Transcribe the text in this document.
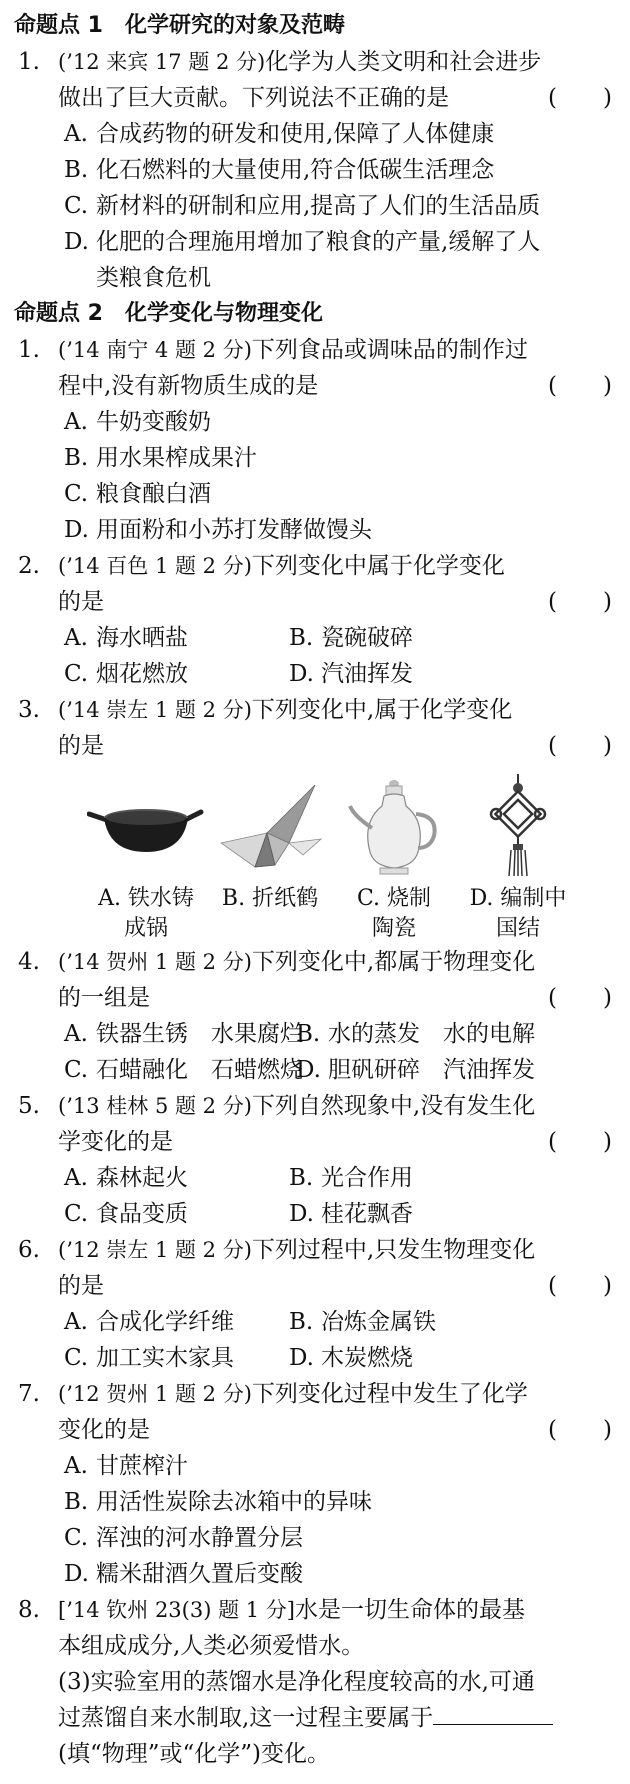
命题点 1 化学研究的对象及范畴
1. (’12 来宾 17 题 2 分)化学为人类文明和社会进步
做出了巨大贡献。下列说法不正确的是	(　　)
A. 合成药物的研发和使用,保障了人体健康
B. 化石燃料的大量使用,符合低碳生活理念
C. 新材料的研制和应用,提高了人们的生活品质
D. 化肥的合理施用增加了粮食的产量,缓解了人
类粮食危机
命题点 2 化学变化与物理变化
1. (’14 南宁 4 题 2 分)下列食品或调味品的制作过
程中,没有新物质生成的是	(　　)
A. 牛奶变酸奶
B. 用水果榨成果汁
C. 粮食酿白酒
D. 用面粉和小苏打发酵做馒头
2. (’14 百色 1 题 2 分)下列变化中属于化学变化
的是	(　　)
A. 海水晒盐	B. 瓷碗破碎
C. 烟花燃放	D. 汽油挥发
3. (’14 崇左 1 题 2 分)下列变化中,属于化学变化
的是	(　　)
A. 铁水铸
成锅
B. 折纸鹤	C. 烧制
陶瓷
D. 编制中
国结
4. (’14 贺州 1 题 2 分)下列变化中,都属于物理变化
的一组是	(　　)
A. 铁器生锈　水果腐烂
B. 水的蒸发　水的电解
C. 石蜡融化　石蜡燃烧
D. 胆矾研碎　汽油挥发
5. (’13 桂林 5 题 2 分)下列自然现象中,没有发生化
学变化的是	(　　)
A. 森林起火	B. 光合作用
C. 食品变质	D. 桂花飘香
6. (’12 崇左 1 题 2 分)下列过程中,只发生物理变化
的是	(　　)
A. 合成化学纤维	B. 冶炼金属铁
C. 加工实木家具	D. 木炭燃烧
7. (’12 贺州 1 题 2 分)下列变化过程中发生了化学
变化的是	(　　)
A. 甘蔗榨汁
B. 用活性炭除去冰箱中的异味
C. 浑浊的河水静置分层
D. 糯米甜酒久置后变酸
8. [’14 钦州 23(3) 题 1 分]水是一切生命体的最基
本组成成分,人类必须爱惜水。
(3)实验室用的蒸馏水是净化程度较高的水,可通
过蒸馏自来水制取,这一过程主要属于
(填“物理”或“化学”)变化。
